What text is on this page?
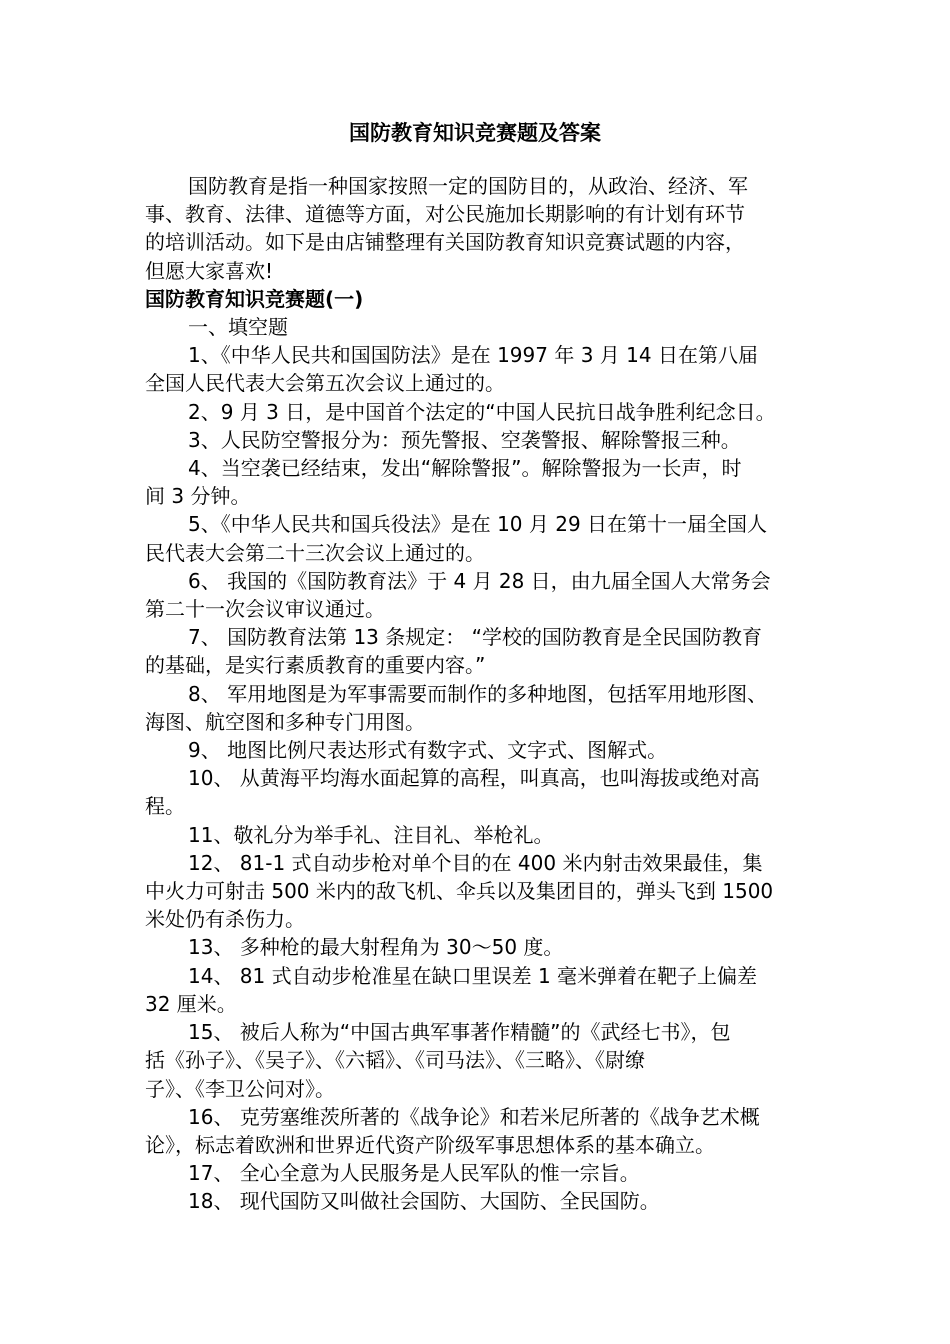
国防教育知识竞赛题及答案
国防教育是指一种国家按照一定的国防目的，从政治、经济、军
事、教育、法律、道德等方面，对公民施加长期影响的有计划有环节
的培训活动。如下是由店铺整理有关国防教育知识竞赛试题的内容，
但愿大家喜欢!
国防教育知识竞赛题(一)
一、填空题
1、《中华人民共和国国防法》是在 1997 年 3 月 14 日在第八届
全国人民代表大会第五次会议上通过的。
2、9 月 3 日，是中国首个法定的“中国人民抗日战争胜利纪念日。
3、人民防空警报分为：预先警报、空袭警报、解除警报三种。
4、当空袭已经结束，发出“解除警报”。解除警报为一长声，时
间 3 分钟。
5、《中华人民共和国兵役法》是在 10 月 29 日在第十一届全国人
民代表大会第二十三次会议上通过的。
6、 我国的《国防教育法》于 4 月 28 日，由九届全国人大常务会
第二十一次会议审议通过。
7、 国防教育法第 13 条规定： “学校的国防教育是全民国防教育
的基础，是实行素质教育的重要内容。”
8、 军用地图是为军事需要而制作的多种地图，包括军用地形图、
海图、航空图和多种专门用图。
9、 地图比例尺表达形式有数字式、文字式、图解式。
10、 从黄海平均海水面起算的高程，叫真高，也叫海拔或绝对高
程。
11、敬礼分为举手礼、注目礼、举枪礼。
12、 81-1 式自动步枪对单个目的在 400 米内射击效果最佳，集
中火力可射击 500 米内的敌飞机、伞兵以及集团目的，弹头飞到 1500
米处仍有杀伤力。
13、 多种枪的最大射程角为 30～50 度。
14、 81 式自动步枪准星在缺口里误差 1 毫米弹着在靶子上偏差
32 厘米。
15、 被后人称为“中国古典军事著作精髓”的《武经七书》，包
括《孙子》、《吴子》、《六韬》、《司马法》、《三略》、《尉缭
子》、《李卫公问对》。
16、 克劳塞维茨所著的《战争论》和若米尼所著的《战争艺术概
论》，标志着欧洲和世界近代资产阶级军事思想体系的基本确立。
17、 全心全意为人民服务是人民军队的惟一宗旨。
18、 现代国防又叫做社会国防、大国防、全民国防。
